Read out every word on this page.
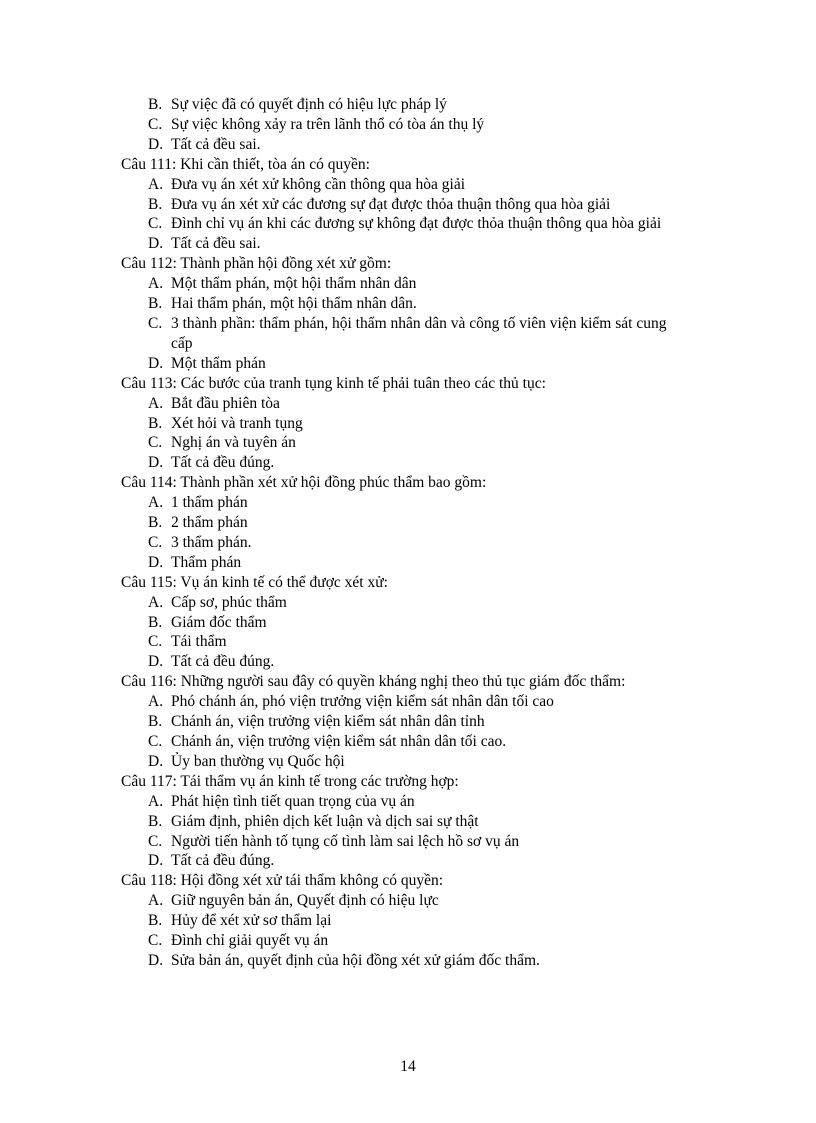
B. Sự việc đã có quyết định có hiệu lực pháp lý
C. Sự việc không xảy ra trên lãnh thổ có tòa án thụ lý
D. Tất cả đều sai.
Câu 111: Khi cần thiết, tòa án có quyền:
A. Đưa vụ án xét xử không cần thông qua hòa giải
B. Đưa vụ án xét xử các đương sự đạt được thỏa thuận thông qua hòa giải
C. Đình chỉ vụ án khi các đương sự không đạt được thỏa thuận thông qua hòa giải
D. Tất cả đều sai.
Câu 112: Thành phần hội đồng xét xử gồm:
A. Một thẩm phán, một hội thẩm nhân dân
B. Hai thẩm phán, một hội thẩm nhân dân.
C. 3 thành phần: thẩm phán, hội thẩm nhân dân và công tố viên viện kiểm sát cung cấp
D. Một thẩm phán
Câu 113: Các bước của tranh tụng kinh tế phải tuân theo các thủ tục:
A. Bắt đầu phiên tòa
B. Xét hỏi và tranh tụng
C. Nghị án và tuyên án
D. Tất cả đều đúng.
Câu 114: Thành phần xét xử hội đồng phúc thẩm bao gồm:
A. 1 thẩm phán
B. 2 thẩm phán
C. 3 thẩm phán.
D. Thẩm phán
Câu 115: Vụ án kinh tế có thể được xét xử:
A. Cấp sơ, phúc thẩm
B. Giám đốc thẩm
C. Tái thẩm
D. Tất cả đều đúng.
Câu 116: Những người sau đây có quyền kháng nghị theo thủ tục giám đốc thẩm:
A. Phó chánh án, phó viện trưởng viện kiểm sát nhân dân tối cao
B. Chánh án, viện trưởng viện kiểm sát nhân dân tỉnh
C. Chánh án, viện trưởng viện kiểm sát nhân dân tối cao.
D. Ủy ban thường vụ Quốc hội
Câu 117: Tái thẩm vụ án kinh tế trong các trường hợp:
A. Phát hiện tình tiết quan trọng của vụ án
B. Giám định, phiên dịch kết luận và dịch sai sự thật
C. Người tiến hành tố tụng cố tình làm sai lệch hồ sơ vụ án
D. Tất cả đều đúng.
Câu 118: Hội đồng xét xử tái thẩm không có quyền:
A. Giữ nguyên bản án, Quyết định có hiệu lực
B. Hủy để xét xử sơ thẩm lại
C. Đình chỉ giải quyết vụ án
D. Sửa bản án, quyết định của hội đồng xét xử giám đốc thẩm.
14
